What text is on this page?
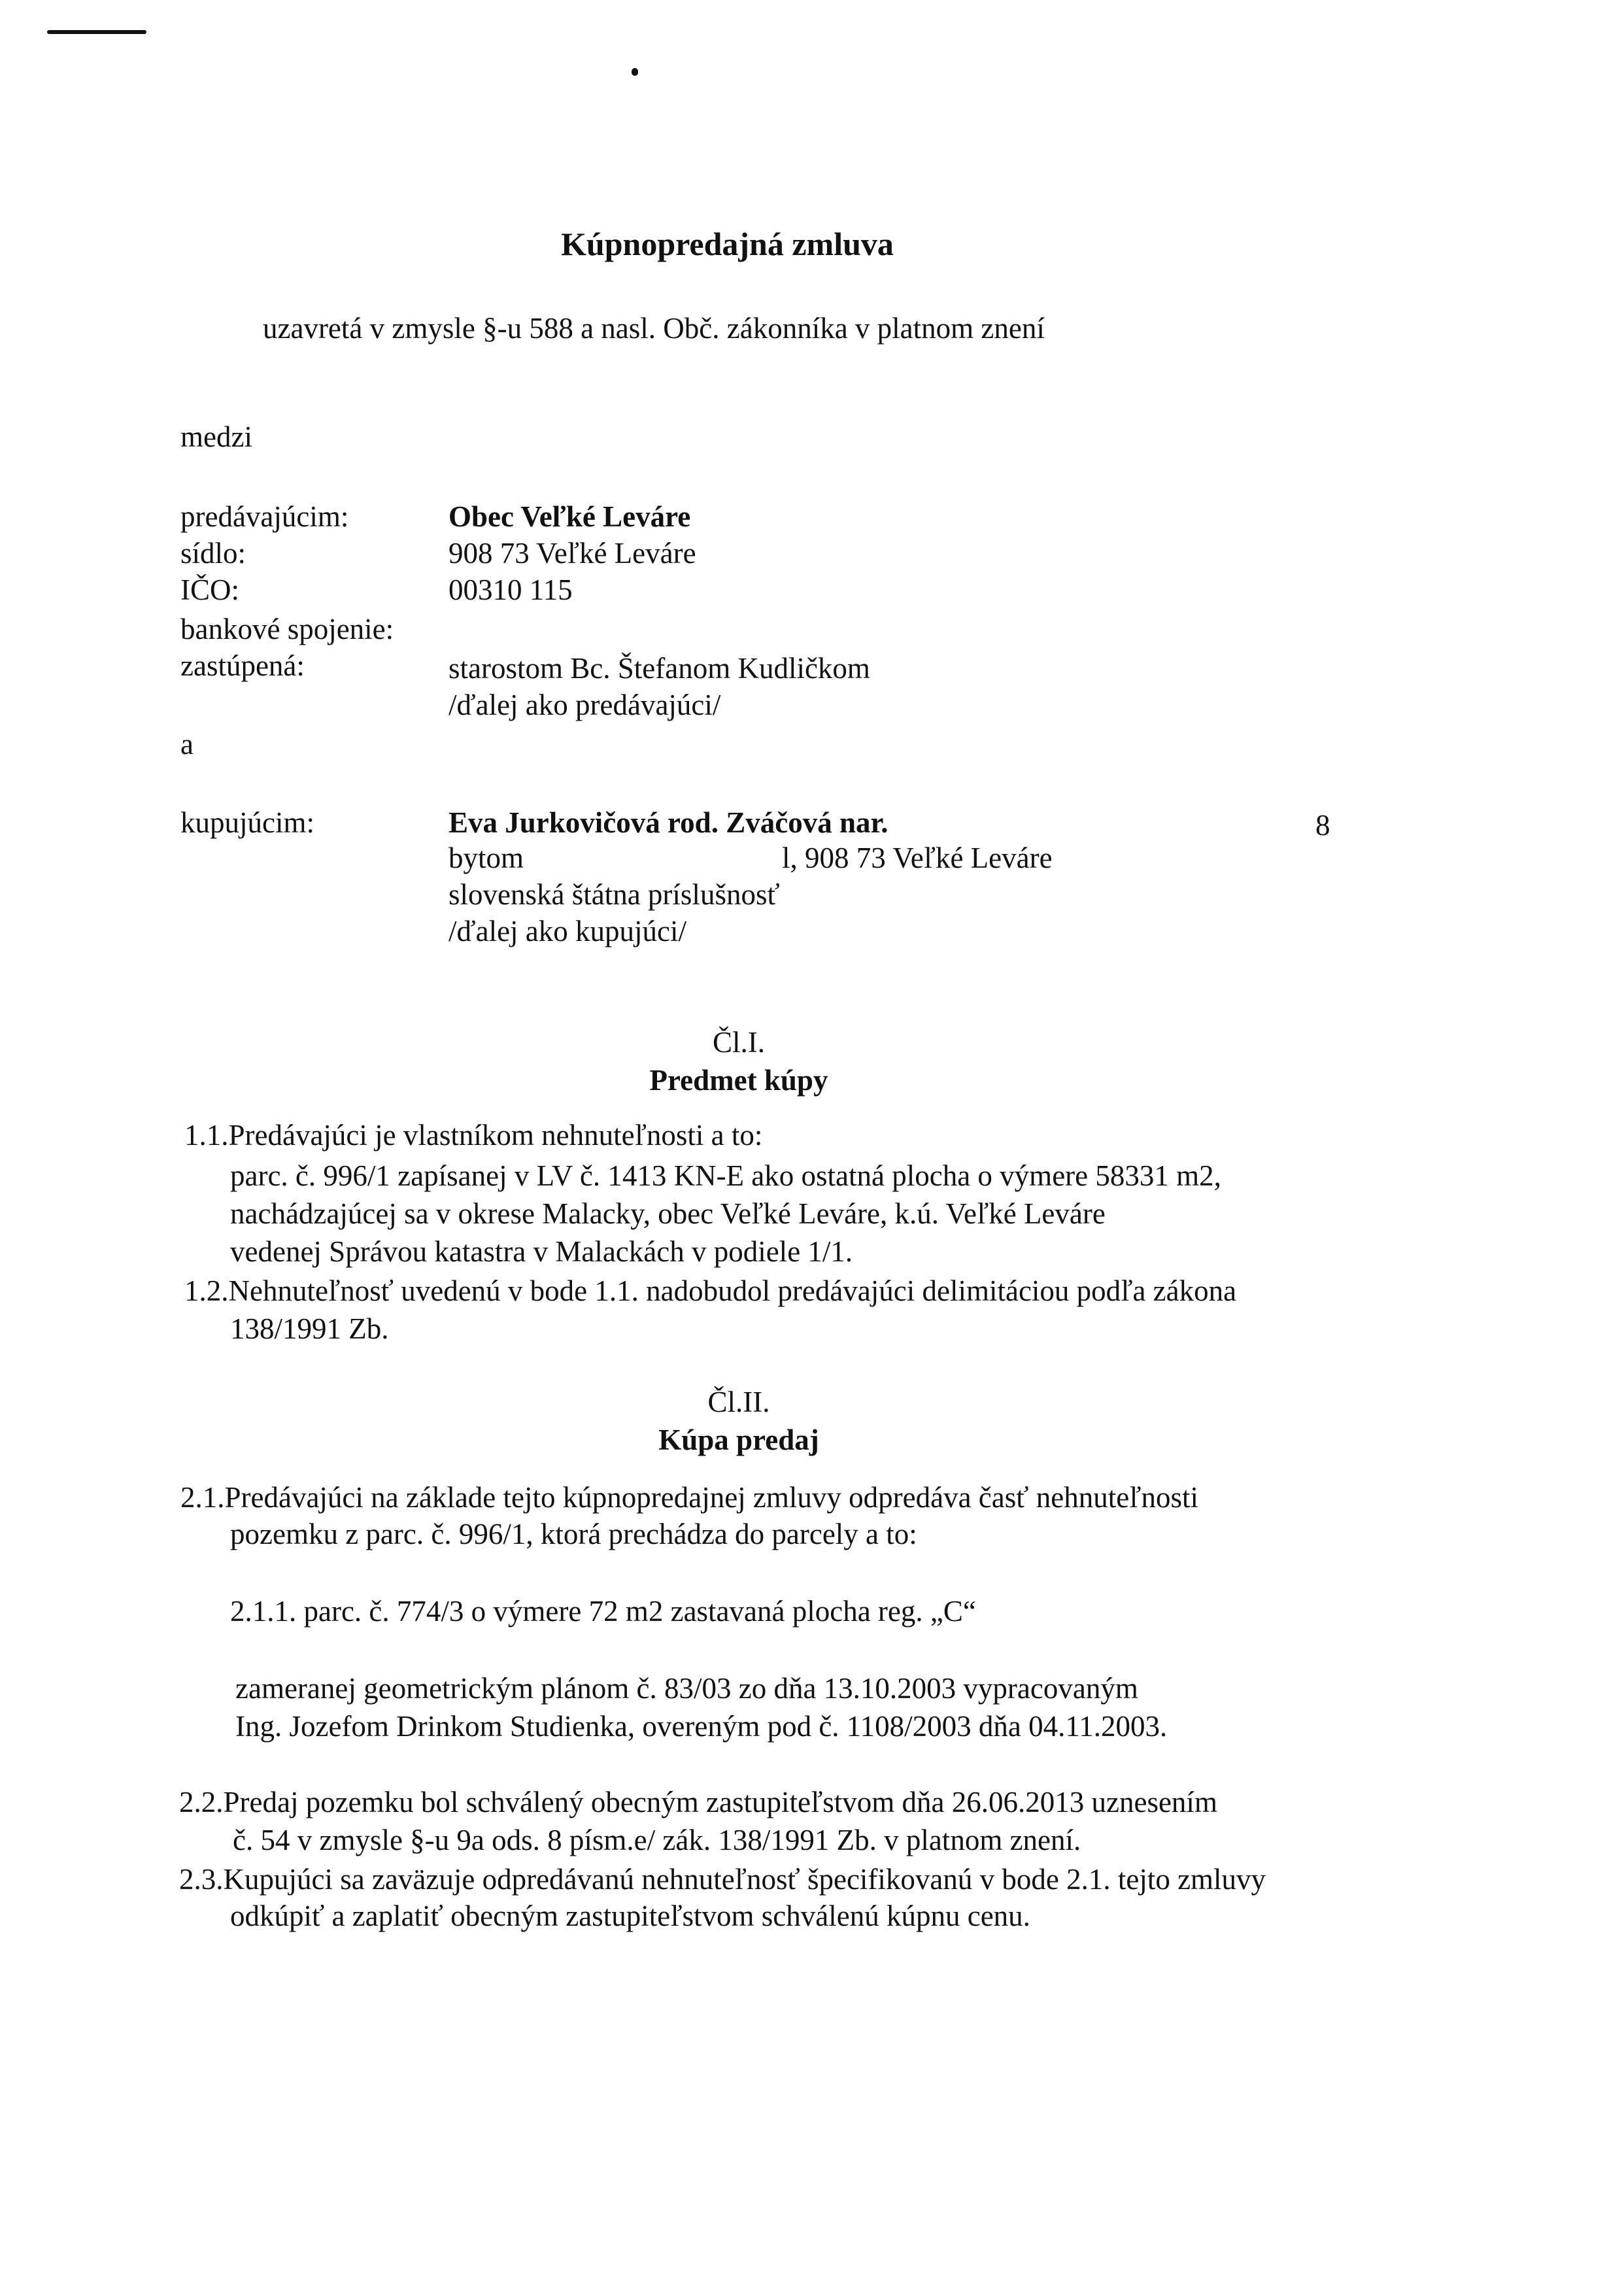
Kúpnopredajná zmluva
uzavretá v zmysle §-u 588 a nasl. Obč. zákonníka v platnom znení
medzi
predávajúcim:	Obec Veľké Leváre
sídlo:	908 73 Veľké Leváre
IČO:	00310 115
bankové spojenie:
zastúpená:	starostom Bc. Štefanom Kudličkom
/ďalej ako predávajúci/
a
kupujúcim:	Eva Jurkovičová rod. Zváčová nar.	8
bytom	l, 908 73 Veľké Leváre
slovenská štátna príslušnosť
/ďalej ako kupujúci/
Čl.I.
Predmet kúpy
1.1.Predávajúci je vlastníkom nehnuteľnosti a to:
parc. č. 996/1 zapísanej v LV č. 1413 KN-E ako ostatná plocha o výmere 58331 m2,
nachádzajúcej sa v okrese Malacky, obec Veľké Leváre, k.ú. Veľké Leváre
vedenej Správou katastra v Malackách v podiele 1/1.
1.2.Nehnuteľnosť uvedenú v bode 1.1. nadobudol predávajúci delimitáciou podľa zákona
138/1991 Zb.
Čl.II.
Kúpa predaj
2.1.Predávajúci na základe tejto kúpnopredajnej zmluvy odpredáva časť nehnuteľnosti
pozemku z parc. č. 996/1, ktorá prechádza do parcely a to:
2.1.1. parc. č. 774/3 o výmere 72 m2 zastavaná plocha reg. „C“
zameranej geometrickým plánom č. 83/03 zo dňa 13.10.2003 vypracovaným
Ing. Jozefom Drinkom Studienka, overeným pod č. 1108/2003 dňa 04.11.2003.
2.2.Predaj pozemku bol schválený obecným zastupiteľstvom dňa 26.06.2013 uznesením
č. 54 v zmysle §-u 9a ods. 8 písm.e/ zák. 138/1991 Zb. v platnom znení.
2.3.Kupujúci sa zaväzuje odpredávanú nehnuteľnosť špecifikovanú v bode 2.1. tejto zmluvy
odkúpiť a zaplatiť obecným zastupiteľstvom schválenú kúpnu cenu.
